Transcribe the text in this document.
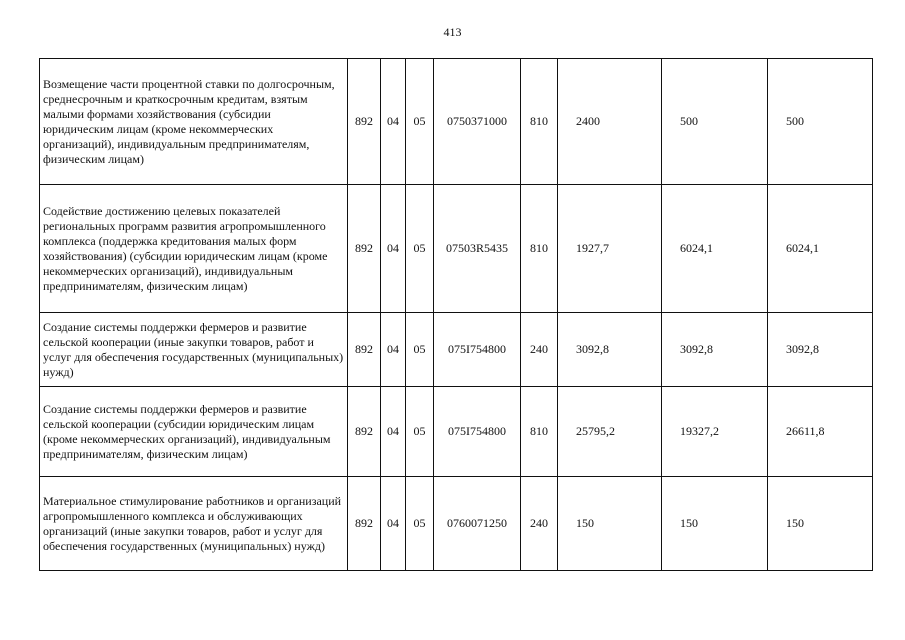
413
Возмещение части процентной ставки по долгосрочным, среднесрочным и краткосрочным кредитам, взятым малыми формами хозяйствования (субсидии юридическим лицам (кроме некоммерческих организаций), индивидуальным предпринимателям, физическим лицам)	892	04	05	0750371000	810	2400	500	500
Содействие достижению целевых показателей региональных программ развития агропромышленного комплекса (поддержка кредитования малых форм хозяйствования) (субсидии юридическим лицам (кроме некоммерческих организаций), индивидуальным предпринимателям, физическим лицам)	892	04	05	07503R5435	810	1927,7	6024,1	6024,1
Создание системы поддержки фермеров и развитие сельской кооперации (иные закупки товаров, работ и услуг для обеспечения государственных (муниципальных) нужд)	892	04	05	075I754800	240	3092,8	3092,8	3092,8
Создание системы поддержки фермеров и развитие сельской кооперации (субсидии юридическим лицам (кроме некоммерческих организаций), индивидуальным предпринимателям, физическим лицам)	892	04	05	075I754800	810	25795,2	19327,2	26611,8
Материальное стимулирование работников и организаций агропромышленного комплекса и обслуживающих организаций (иные закупки товаров, работ и услуг для обеспечения государственных (муниципальных) нужд)	892	04	05	0760071250	240	150	150	150
